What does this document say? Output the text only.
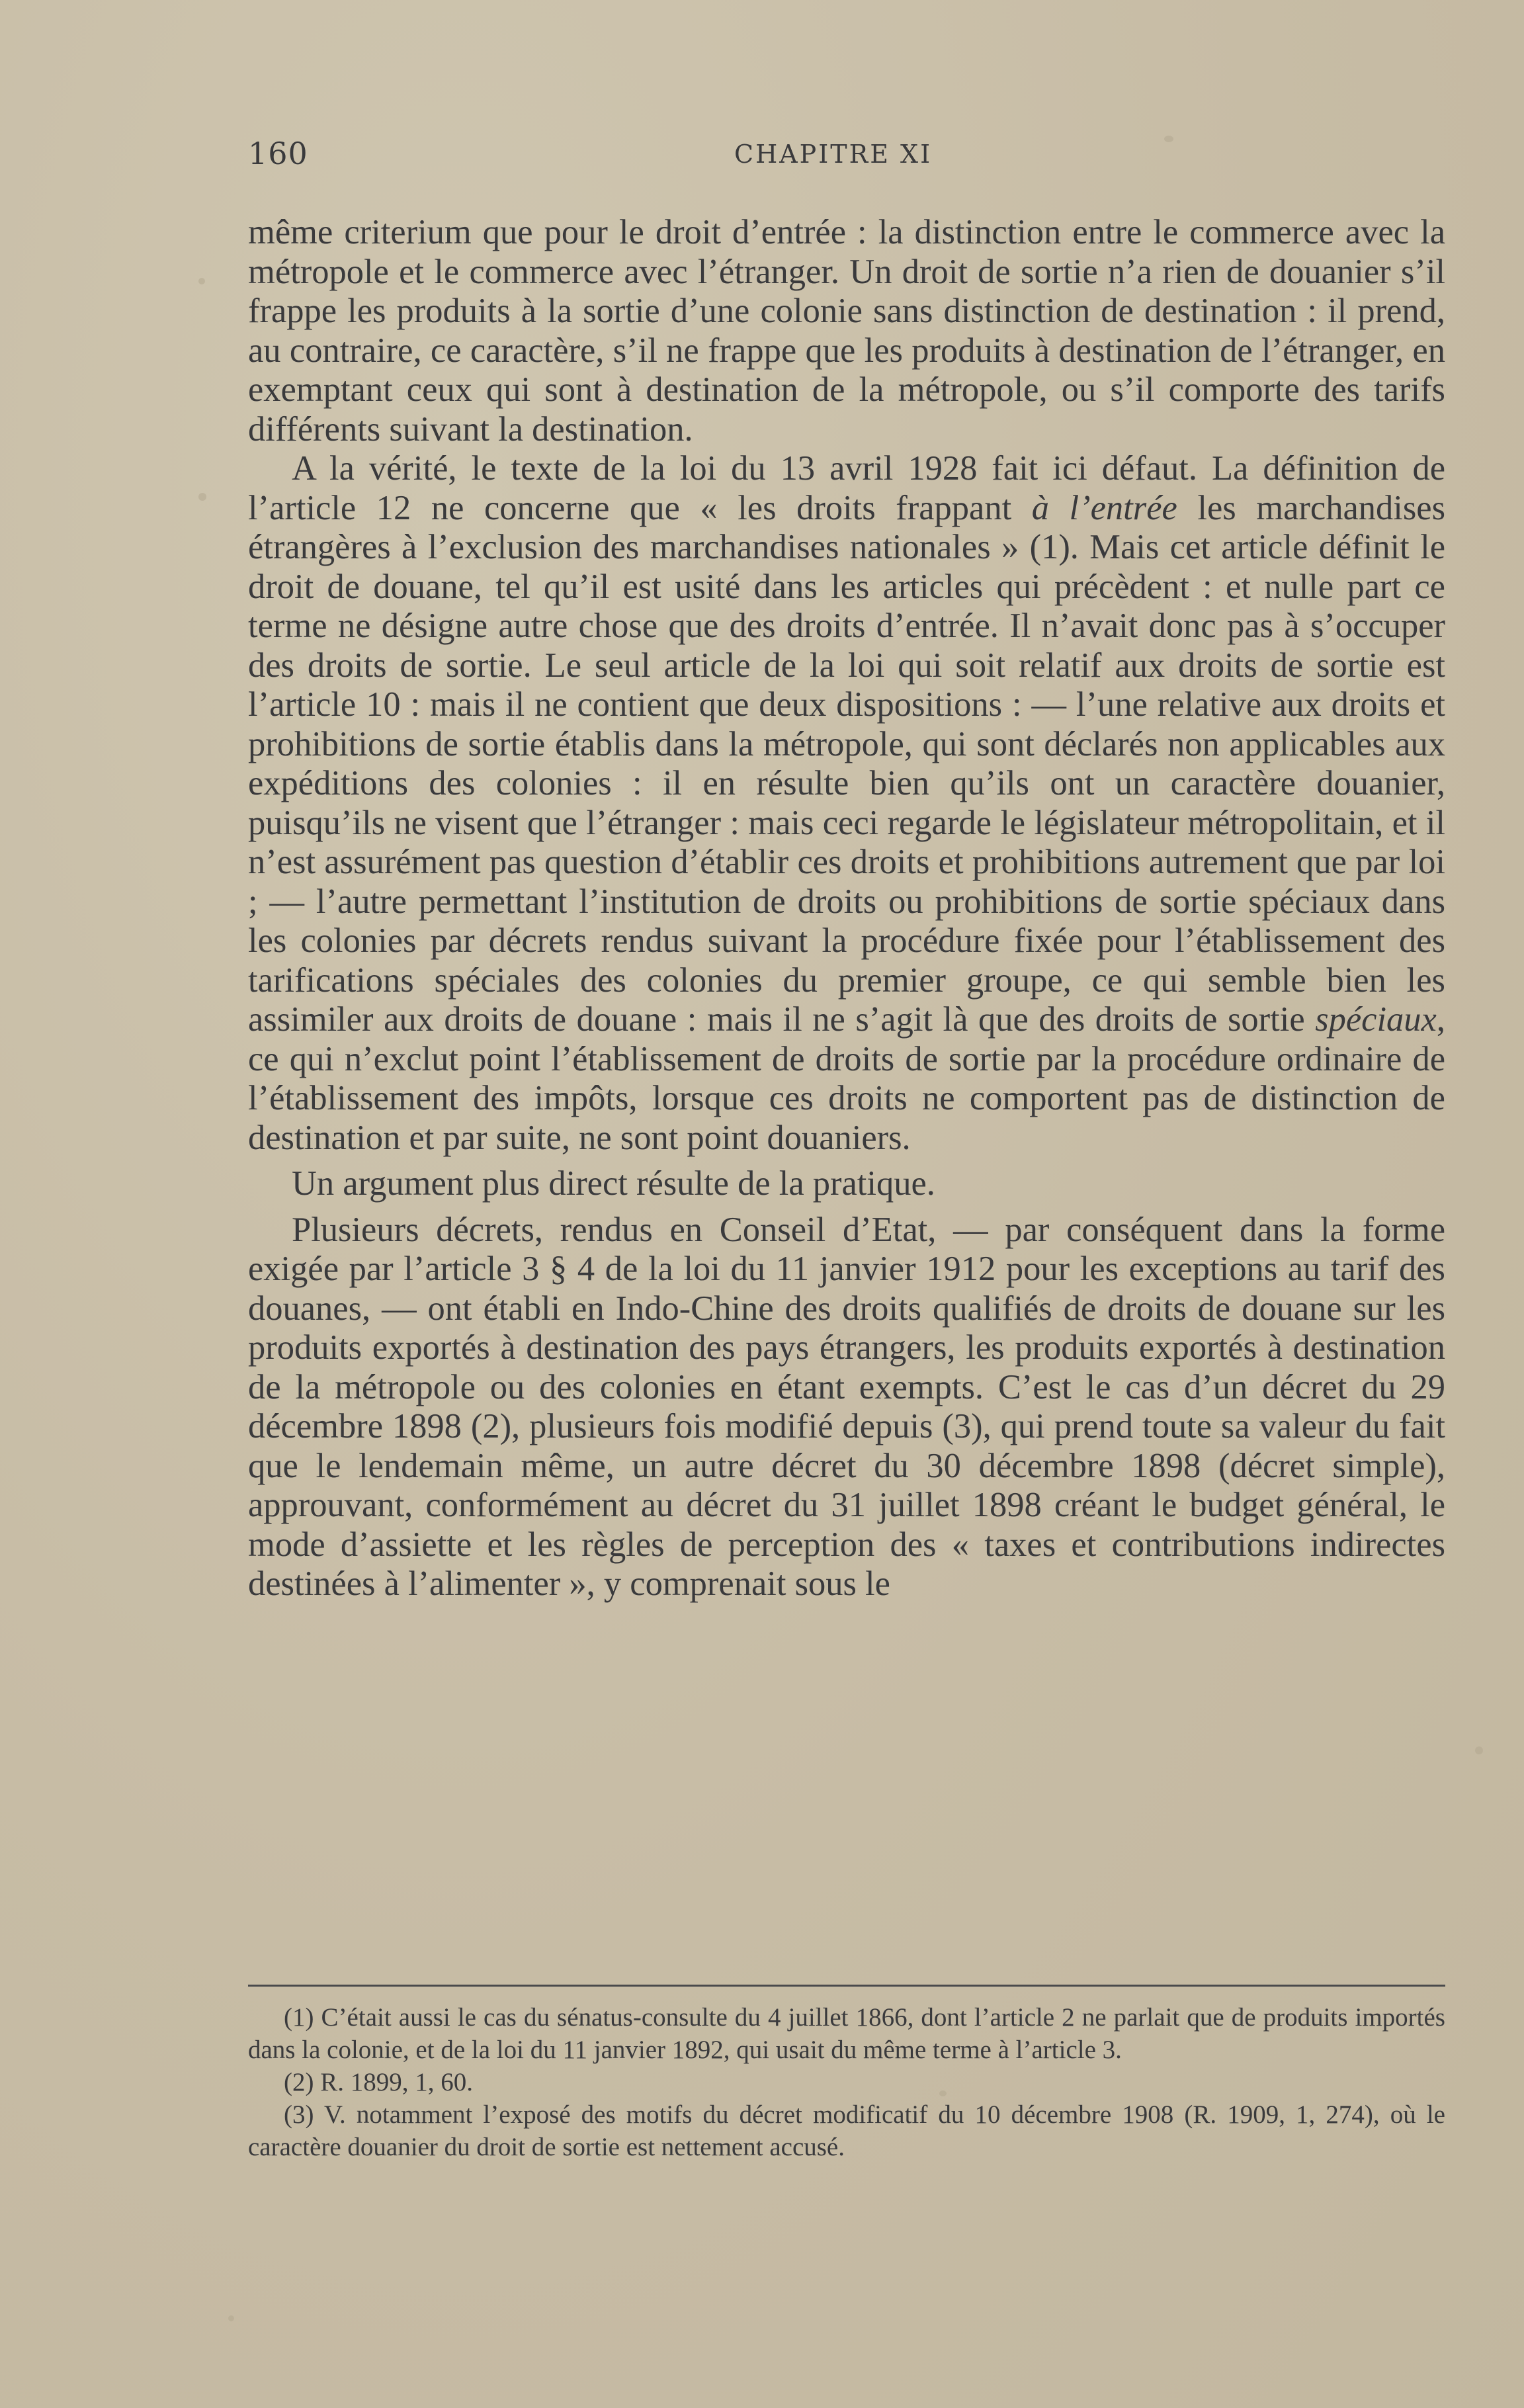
160	CHAPITRE XI

même criterium que pour le droit d’entrée : la distinction entre le commerce avec la métropole et le commerce avec l’étranger. Un droit de sortie n’a rien de douanier s’il frappe les produits à la sortie d’une colonie sans distinction de destination : il prend, au contraire, ce caractère, s’il ne frappe que les produits à destination de l’étranger, en exemptant ceux qui sont à destination de la métropole, ou s’il comporte des tarifs différents suivant la destination.

A la vérité, le texte de la loi du 13 avril 1928 fait ici défaut. La définition de l’article 12 ne concerne que « les droits frappant à l’entrée les marchandises étrangères à l’exclusion des marchandises nationales » (1). Mais cet article définit le droit de douane, tel qu’il est usité dans les articles qui précèdent : et nulle part ce terme ne désigne autre chose que des droits d’entrée. Il n’avait donc pas à s’occuper des droits de sortie. Le seul article de la loi qui soit relatif aux droits de sortie est l’article 10 : mais il ne contient que deux dispositions : — l’une relative aux droits et prohibitions de sortie établis dans la métropole, qui sont déclarés non applicables aux expéditions des colonies : il en résulte bien qu’ils ont un caractère douanier, puisqu’ils ne visent que l’étranger : mais ceci regarde le législateur métropolitain, et il n’est assurément pas question d’établir ces droits et prohibitions autrement que par loi ; — l’autre permettant l’institution de droits ou prohibitions de sortie spéciaux dans les colonies par décrets rendus suivant la procédure fixée pour l’établissement des tarifications spéciales des colonies du premier groupe, ce qui semble bien les assimiler aux droits de douane : mais il ne s’agit là que des droits de sortie spéciaux, ce qui n’exclut point l’établissement de droits de sortie par la procédure ordinaire de l’établissement des impôts, lorsque ces droits ne comportent pas de distinction de destination et par suite, ne sont point douaniers.

Un argument plus direct résulte de la pratique.

Plusieurs décrets, rendus en Conseil d’Etat, — par conséquent dans la forme exigée par l’article 3 § 4 de la loi du 11 janvier 1912 pour les exceptions au tarif des douanes, — ont établi en Indo-Chine des droits qualifiés de droits de douane sur les produits exportés à destination des pays étrangers, les produits exportés à destination de la métropole ou des colonies en étant exempts. C’est le cas d’un décret du 29 décembre 1898 (2), plusieurs fois modifié depuis (3), qui prend toute sa valeur du fait que le lendemain même, un autre décret du 30 décembre 1898 (décret simple), approuvant, conformément au décret du 31 juillet 1898 créant le budget général, le mode d’assiette et les règles de perception des « taxes et contributions indirectes destinées à l’alimenter », y comprenait sous le

(1) C’était aussi le cas du sénatus-consulte du 4 juillet 1866, dont l’article 2 ne parlait que de produits importés dans la colonie, et de la loi du 11 janvier 1892, qui usait du même terme à l’article 3.

(2) R. 1899, 1, 60.

(3) V. notamment l’exposé des motifs du décret modificatif du 10 décembre 1908 (R. 1909, 1, 274), où le caractère douanier du droit de sortie est nettement accusé.
